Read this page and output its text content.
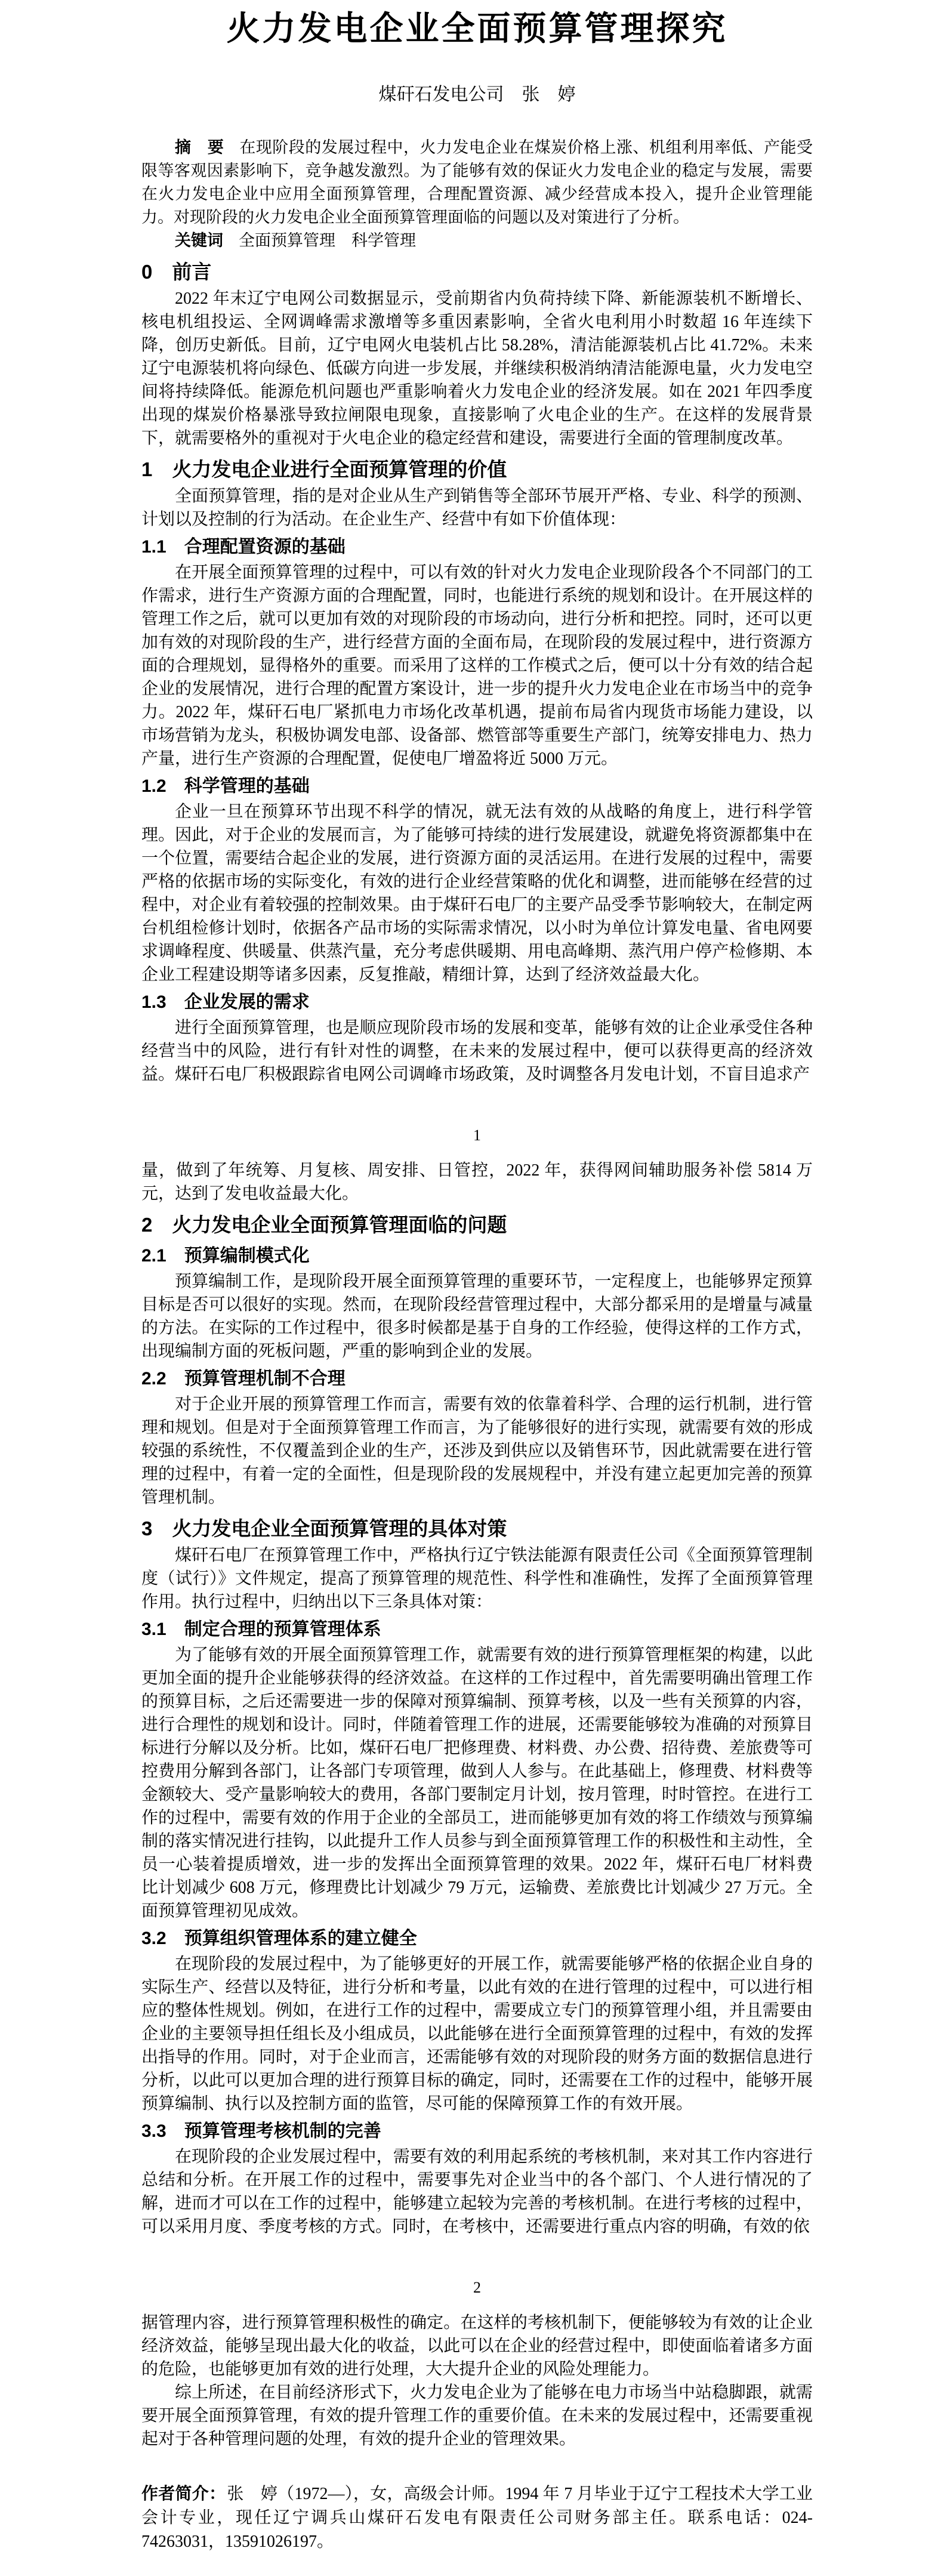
火力发电企业全面预算管理探究
煤矸石发电公司　张　婷
摘　要 在现阶段的发展过程中，火力发电企业在煤炭价格上涨、机组利用率低、产能受限等客观因素影响下，竞争越发激烈。为了能够有效的保证火力发电企业的稳定与发展，需要在火力发电企业中应用全面预算管理，合理配置资源、减少经营成本投入，提升企业管理能力。对现阶段的火力发电企业全面预算管理面临的问题以及对策进行了分析。
关键词 全面预算管理　科学管理
0　前言
2022 年末辽宁电网公司数据显示，受前期省内负荷持续下降、新能源装机不断增长、核电机组投运、全网调峰需求激增等多重因素影响，全省火电利用小时数超 16 年连续下降，创历史新低。目前，辽宁电网火电装机占比 58.28%，清洁能源装机占比 41.72%。未来辽宁电源装机将向绿色、低碳方向进一步发展，并继续积极消纳清洁能源电量，火力发电空间将持续降低。能源危机问题也严重影响着火力发电企业的经济发展。如在 2021 年四季度出现的煤炭价格暴涨导致拉闸限电现象，直接影响了火电企业的生产。在这样的发展背景下，就需要格外的重视对于火电企业的稳定经营和建设，需要进行全面的管理制度改革。
1　火力发电企业进行全面预算管理的价值
全面预算管理，指的是对企业从生产到销售等全部环节展开严格、专业、科学的预测、计划以及控制的行为活动。在企业生产、经营中有如下价值体现：
1.1　合理配置资源的基础
在开展全面预算管理的过程中，可以有效的针对火力发电企业现阶段各个不同部门的工作需求，进行生产资源方面的合理配置，同时，也能进行系统的规划和设计。在开展这样的管理工作之后，就可以更加有效的对现阶段的市场动向，进行分析和把控。同时，还可以更加有效的对现阶段的生产，进行经营方面的全面布局，在现阶段的发展过程中，进行资源方面的合理规划，显得格外的重要。而采用了这样的工作模式之后，便可以十分有效的结合起企业的发展情况，进行合理的配置方案设计，进一步的提升火力发电企业在市场当中的竞争力。2022 年，煤矸石电厂紧抓电力市场化改革机遇，提前布局省内现货市场能力建设，以市场营销为龙头，积极协调发电部、设备部、燃管部等重要生产部门，统筹安排电力、热力产量，进行生产资源的合理配置，促使电厂增盈将近 5000 万元。
1.2　科学管理的基础
企业一旦在预算环节出现不科学的情况，就无法有效的从战略的角度上，进行科学管理。因此，对于企业的发展而言，为了能够可持续的进行发展建设，就避免将资源都集中在一个位置，需要结合起企业的发展，进行资源方面的灵活运用。在进行发展的过程中，需要严格的依据市场的实际变化，有效的进行企业经营策略的优化和调整，进而能够在经营的过程中，对企业有着较强的控制效果。由于煤矸石电厂的主要产品受季节影响较大，在制定两台机组检修计划时，依据各产品市场的实际需求情况，以小时为单位计算发电量、省电网要求调峰程度、供暖量、供蒸汽量，充分考虑供暖期、用电高峰期、蒸汽用户停产检修期、本企业工程建设期等诸多因素，反复推敲，精细计算，达到了经济效益最大化。
1.3　企业发展的需求
进行全面预算管理，也是顺应现阶段市场的发展和变革，能够有效的让企业承受住各种经营当中的风险，进行有针对性的调整，在未来的发展过程中，便可以获得更高的经济效益。煤矸石电厂积极跟踪省电网公司调峰市场政策，及时调整各月发电计划，不盲目追求产
1
量，做到了年统筹、月复核、周安排、日管控，2022 年，获得网间辅助服务补偿 5814 万元，达到了发电收益最大化。
2　火力发电企业全面预算管理面临的问题
2.1　预算编制模式化
预算编制工作，是现阶段开展全面预算管理的重要环节，一定程度上，也能够界定预算目标是否可以很好的实现。然而，在现阶段经营管理过程中，大部分都采用的是增量与减量的方法。在实际的工作过程中，很多时候都是基于自身的工作经验，使得这样的工作方式，出现编制方面的死板问题，严重的影响到企业的发展。
2.2　预算管理机制不合理
对于企业开展的预算管理工作而言，需要有效的依靠着科学、合理的运行机制，进行管理和规划。但是对于全面预算管理工作而言，为了能够很好的进行实现，就需要有效的形成较强的系统性，不仅覆盖到企业的生产，还涉及到供应以及销售环节，因此就需要在进行管理的过程中，有着一定的全面性，但是现阶段的发展规程中，并没有建立起更加完善的预算管理机制。
3　火力发电企业全面预算管理的具体对策
煤矸石电厂在预算管理工作中，严格执行辽宁铁法能源有限责任公司《全面预算管理制度（试行）》文件规定，提高了预算管理的规范性、科学性和准确性，发挥了全面预算管理作用。执行过程中，归纳出以下三条具体对策：
3.1　制定合理的预算管理体系
为了能够有效的开展全面预算管理工作，就需要有效的进行预算管理框架的构建，以此更加全面的提升企业能够获得的经济效益。在这样的工作过程中，首先需要明确出管理工作的预算目标，之后还需要进一步的保障对预算编制、预算考核，以及一些有关预算的内容，进行合理性的规划和设计。同时，伴随着管理工作的进展，还需要能够较为准确的对预算目标进行分解以及分析。比如，煤矸石电厂把修理费、材料费、办公费、招待费、差旅费等可控费用分解到各部门，让各部门专项管理，做到人人参与。在此基础上，修理费、材料费等金额较大、受产量影响较大的费用，各部门要制定月计划，按月管理，时时管控。在进行工作的过程中，需要有效的作用于企业的全部员工，进而能够更加有效的将工作绩效与预算编制的落实情况进行挂钩，以此提升工作人员参与到全面预算管理工作的积极性和主动性，全员一心装着提质增效，进一步的发挥出全面预算管理的效果。2022 年，煤矸石电厂材料费比计划减少 608 万元，修理费比计划减少 79 万元，运输费、差旅费比计划减少 27 万元。全面预算管理初见成效。
3.2　预算组织管理体系的建立健全
在现阶段的发展过程中，为了能够更好的开展工作，就需要能够严格的依据企业自身的实际生产、经营以及特征，进行分析和考量，以此有效的在进行管理的过程中，可以进行相应的整体性规划。例如，在进行工作的过程中，需要成立专门的预算管理小组，并且需要由企业的主要领导担任组长及小组成员，以此能够在进行全面预算管理的过程中，有效的发挥出指导的作用。同时，对于企业而言，还需能够有效的对现阶段的财务方面的数据信息进行分析，以此可以更加合理的进行预算目标的确定，同时，还需要在工作的过程中，能够开展预算编制、执行以及控制方面的监管，尽可能的保障预算工作的有效开展。
3.3　预算管理考核机制的完善
在现阶段的企业发展过程中，需要有效的利用起系统的考核机制，来对其工作内容进行总结和分析。在开展工作的过程中，需要事先对企业当中的各个部门、个人进行情况的了解，进而才可以在工作的过程中，能够建立起较为完善的考核机制。在进行考核的过程中，可以采用月度、季度考核的方式。同时，在考核中，还需要进行重点内容的明确，有效的依
2
据管理内容，进行预算管理积极性的确定。在这样的考核机制下，便能够较为有效的让企业经济效益，能够呈现出最大化的收益，以此可以在企业的经营过程中，即使面临着诸多方面的危险，也能够更加有效的进行处理，大大提升企业的风险处理能力。
综上所述，在目前经济形式下，火力发电企业为了能够在电力市场当中站稳脚跟，就需要开展全面预算管理，有效的提升管理工作的重要价值。在未来的发展过程中，还需要重视起对于各种管理问题的处理，有效的提升企业的管理效果。
作者简介：张　婷（1972—），女，高级会计师。1994 年 7 月毕业于辽宁工程技术大学工业会计专业，现任辽宁调兵山煤矸石发电有限责任公司财务部主任。联系电话：024-74263031，13591026197。
